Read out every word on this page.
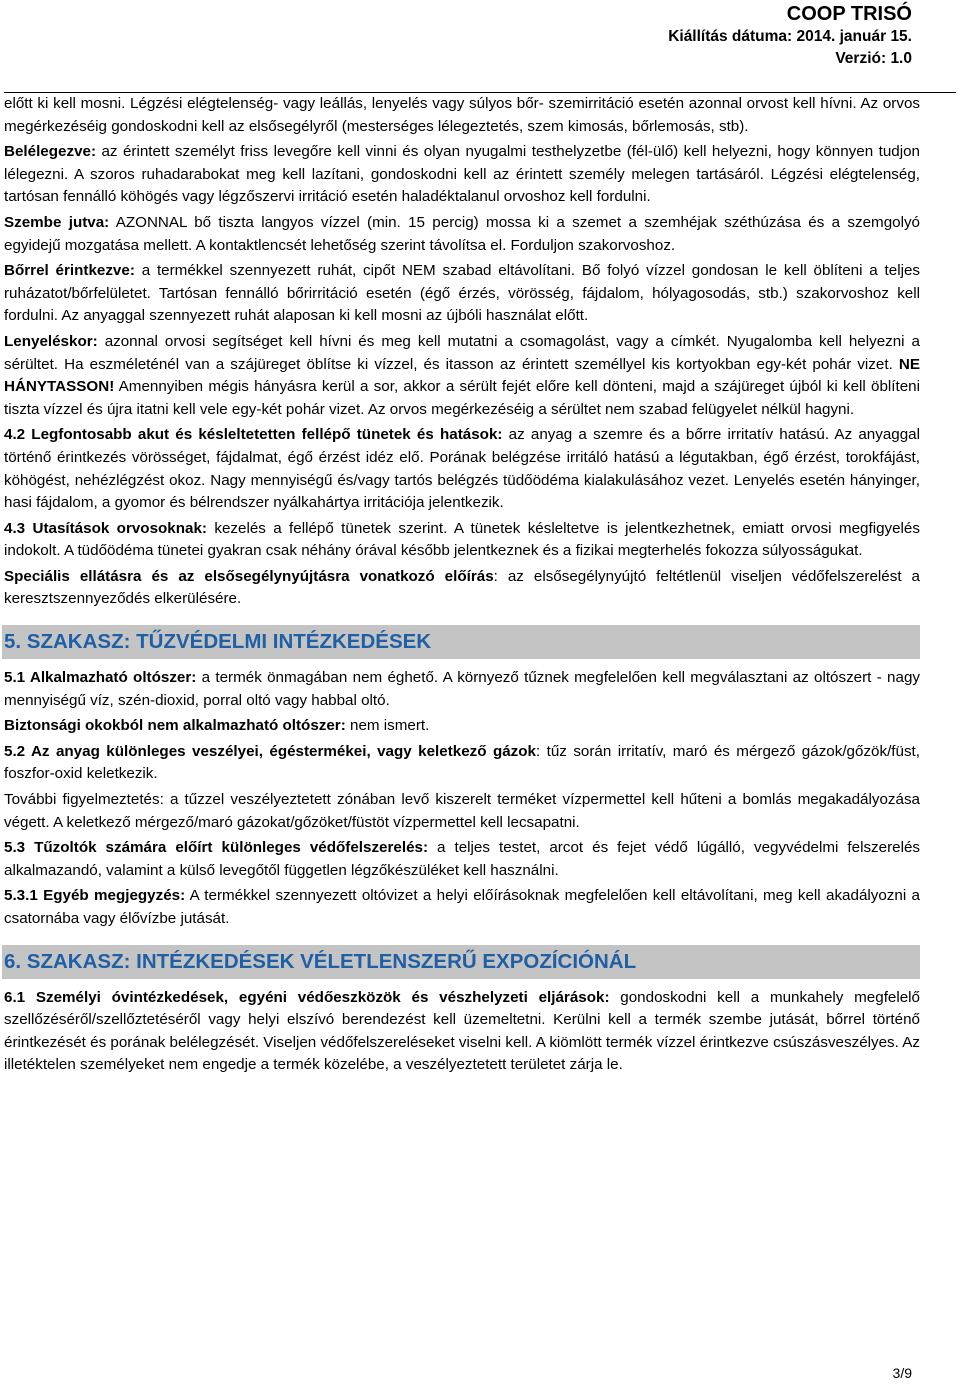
COOP TRISÓ
Kiállítás dátuma: 2014. január 15.
Verzió: 1.0

előtt ki kell mosni. Légzési elégtelenség- vagy leállás, lenyelés vagy súlyos bőr- szemirritáció esetén azonnal orvost kell hívni. Az orvos megérkezéséig gondoskodni kell az elsősegélyről (mesterséges lélegeztetés, szem kimosás, bőrlemosás, stb).

Belélegezve: az érintett személyt friss levegőre kell vinni és olyan nyugalmi testhelyzetbe (fél-ülő) kell helyezni, hogy könnyen tudjon lélegezni. A szoros ruhadarabokat meg kell lazítani, gondoskodni kell az érintett személy melegen tartásáról. Légzési elégtelenség, tartósan fennálló köhögés vagy légzőszervi irritáció esetén haladéktalanul orvoshoz kell fordulni.

Szembe jutva: AZONNAL bő tiszta langyos vízzel (min. 15 percig) mossa ki a szemet a szemhéjak széthúzása és a szemgolyó egyidejű mozgatása mellett. A kontaktlencsét lehetőség szerint távolítsa el. Forduljon szakorvoshoz.

Bőrrel érintkezve: a termékkel szennyezett ruhát, cipőt NEM szabad eltávolítani. Bő folyó vízzel gondosan le kell öblíteni a teljes ruházatot/bőrfelületet. Tartósan fennálló bőrirritáció esetén (égő érzés, vörösség, fájdalom, hólyagosodás, stb.) szakorvoshoz kell fordulni. Az anyaggal szennyezett ruhát alaposan ki kell mosni az újbóli használat előtt.

Lenyeléskor: azonnal orvosi segítséget kell hívni és meg kell mutatni a csomagolást, vagy a címkét. Nyugalomba kell helyezni a sérültet. Ha eszméleténél van a szájüreget öblítse ki vízzel, és itasson az érintett személlyel kis kortyokban egy-két pohár vizet. NE HÁNYTASSON! Amennyiben mégis hányásra kerül a sor, akkor a sérült fejét előre kell dönteni, majd a szájüreget újból ki kell öblíteni tiszta vízzel és újra itatni kell vele egy-két pohár vizet. Az orvos megérkezéséig a sérültet nem szabad felügyelet nélkül hagyni.

4.2 Legfontosabb akut és késleltetetten fellépő tünetek és hatások: az anyag a szemre és a bőrre irritatív hatású. Az anyaggal történő érintkezés vörösséget, fájdalmat, égő érzést idéz elő. Porának belégzése irritáló hatású a légutakban, égő érzést, torokfájást, köhögést, nehézlégzést okoz. Nagy mennyiségű és/vagy tartós belégzés tüdőödéma kialakulásához vezet. Lenyelés esetén hányinger, hasi fájdalom, a gyomor és bélrendszer nyálkahártya irritációja jelentkezik.

4.3 Utasítások orvosoknak: kezelés a fellépő tünetek szerint. A tünetek késleltetve is jelentkezhetnek, emiatt orvosi megfigyelés indokolt. A tüdőödéma tünetei gyakran csak néhány órával később jelentkeznek és a fizikai megterhelés fokozza súlyosságukat.

Speciális ellátásra és az elsősegélynyújtásra vonatkozó előírás: az elsősegélynyújtó feltétlenül viseljen védőfelszerelést a keresztszennyeződés elkerülésére.

5. SZAKASZ: TŰZVÉDELMI INTÉZKEDÉSEK

5.1 Alkalmazható oltószer: a termék önmagában nem éghető. A környező tűznek megfelelően kell megválasztani az oltószert - nagy mennyiségű víz, szén-dioxid, porral oltó vagy habbal oltó.

Biztonsági okokból nem alkalmazható oltószer: nem ismert.

5.2 Az anyag különleges veszélyei, égéstermékei, vagy keletkező gázok: tűz során irritatív, maró és mérgező gázok/gőzök/füst, foszfor-oxid keletkezik.

További figyelmeztetés: a tűzzel veszélyeztetett zónában levő kiszerelt terméket vízpermettel kell hűteni a bomlás megakadályozása végett. A keletkező mérgező/maró gázokat/gőzöket/füstöt vízpermettel kell lecsapatni.

5.3 Tűzoltók számára előírt különleges védőfelszerelés: a teljes testet, arcot és fejet védő lúgálló, vegyvédelmi felszerelés alkalmazandó, valamint a külső levegőtől független légzőkészüléket kell használni.

5.3.1 Egyéb megjegyzés: A termékkel szennyezett oltóvizet a helyi előírásoknak megfelelően kell eltávolítani, meg kell akadályozni a csatornába vagy élővízbe jutását.

6. SZAKASZ: INTÉZKEDÉSEK VÉLETLENSZERŰ EXPOZÍCIÓNÁL

6.1 Személyi óvintézkedések, egyéni védőeszközök és vészhelyzeti eljárások: gondoskodni kell a munkahely megfelelő szellőzéséről/szellőztetéséről vagy helyi elszívó berendezést kell üzemeltetni. Kerülni kell a termék szembe jutását, bőrrel történő érintkezését és porának belélegzését. Viseljen védőfelszereléseket viselni kell. A kiömlött termék vízzel érintkezve csúszásveszélyes. Az illetéktelen személyeket nem engedje a termék közelébe, a veszélyeztetett területet zárja le.

3/9
